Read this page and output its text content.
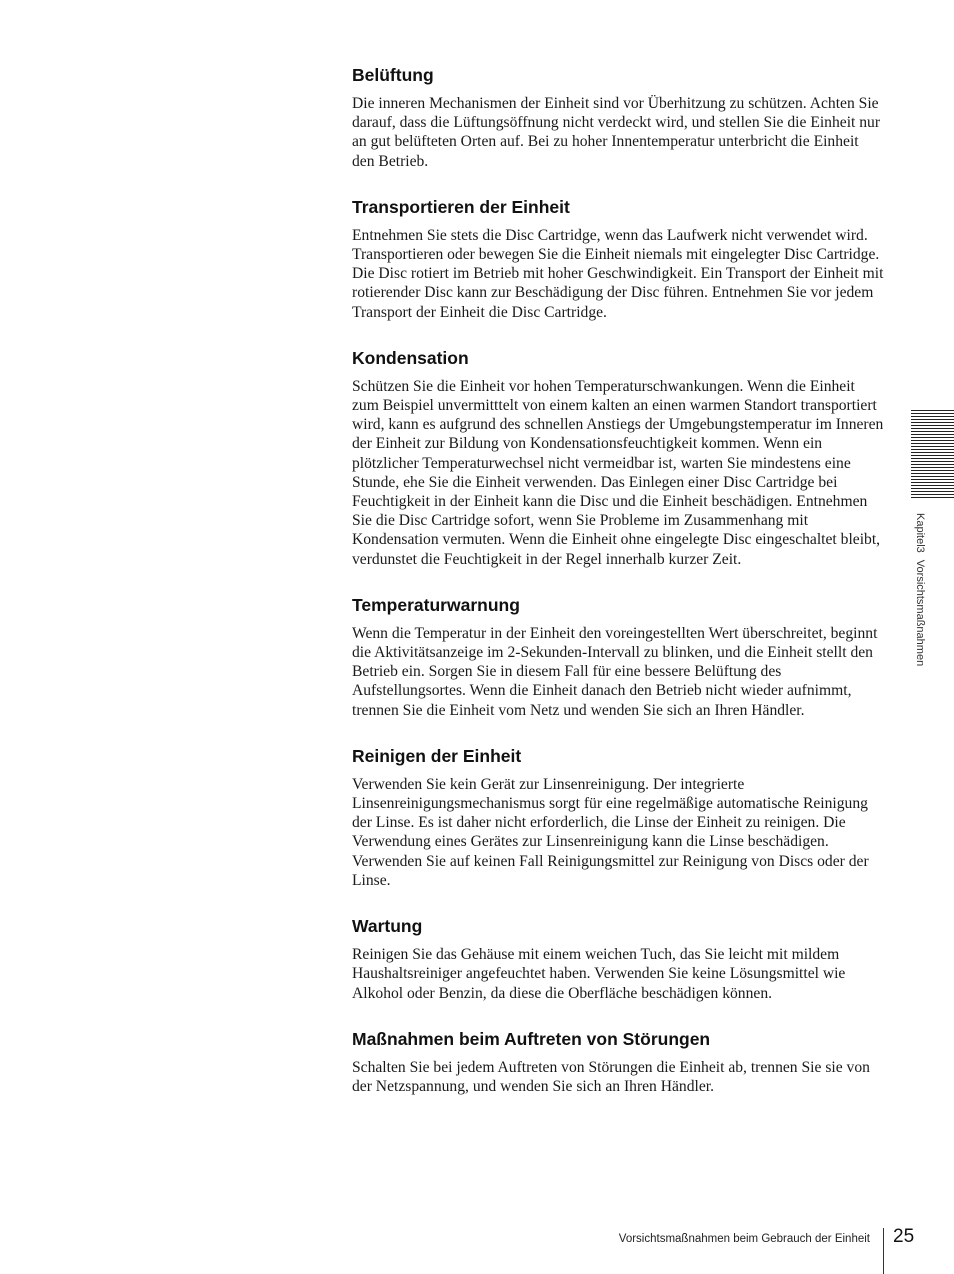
Belüftung

Die inneren Mechanismen der Einheit sind vor Überhitzung zu schützen. Achten Sie darauf, dass die Lüftungsöffnung nicht verdeckt wird, und stellen Sie die Einheit nur an gut belüfteten Orten auf. Bei zu hoher Innentemperatur unterbricht die Einheit den Betrieb.

Transportieren der Einheit

Entnehmen Sie stets die Disc Cartridge, wenn das Laufwerk nicht verwendet wird. Transportieren oder bewegen Sie die Einheit niemals mit eingelegter Disc Cartridge. Die Disc rotiert im Betrieb mit hoher Geschwindigkeit. Ein Transport der Einheit mit rotierender Disc kann zur Beschädigung der Disc führen. Entnehmen Sie vor jedem Transport der Einheit die Disc Cartridge.

Kondensation

Schützen Sie die Einheit vor hohen Temperaturschwankungen. Wenn die Einheit zum Beispiel unvermitttelt von einem kalten an einen warmen Standort transportiert wird, kann es aufgrund des schnellen Anstiegs der Umgebungstemperatur im Inneren der Einheit zur Bildung von Kondensationsfeuchtigkeit kommen. Wenn ein plötzlicher Temperaturwechsel nicht vermeidbar ist, warten Sie mindestens eine Stunde, ehe Sie die Einheit verwenden. Das Einlegen einer Disc Cartridge bei Feuchtigkeit in der Einheit kann die Disc und die Einheit beschädigen. Entnehmen Sie die Disc Cartridge sofort, wenn Sie Probleme im Zusammenhang mit Kondensation vermuten. Wenn die Einheit ohne eingelegte Disc eingeschaltet bleibt, verdunstet die Feuchtigkeit in der Regel innerhalb kurzer Zeit.

Temperaturwarnung

Wenn die Temperatur in der Einheit den voreingestellten Wert überschreitet, beginnt die Aktivitätsanzeige im 2-Sekunden-Intervall zu blinken, und die Einheit stellt den Betrieb ein. Sorgen Sie in diesem Fall für eine bessere Belüftung des Aufstellungsortes. Wenn die Einheit danach den Betrieb nicht wieder aufnimmt, trennen Sie die Einheit vom Netz und wenden Sie sich an Ihren Händler.

Reinigen der Einheit

Verwenden Sie kein Gerät zur Linsenreinigung. Der integrierte Linsenreinigungsmechanismus sorgt für eine regelmäßige automatische Reinigung der Linse. Es ist daher nicht erforderlich, die Linse der Einheit zu reinigen. Die Verwendung eines Gerätes zur Linsenreinigung kann die Linse beschädigen. Verwenden Sie auf keinen Fall Reinigungsmittel zur Reinigung von Discs oder der Linse.

Wartung

Reinigen Sie das Gehäuse mit einem weichen Tuch, das Sie leicht mit mildem Haushaltsreiniger angefeuchtet haben. Verwenden Sie keine Lösungsmittel wie Alkohol oder Benzin, da diese die Oberfläche beschädigen können.

Maßnahmen beim Auftreten von Störungen

Schalten Sie bei jedem Auftreten von Störungen die Einheit ab, trennen Sie sie von der Netzspannung, und wenden Sie sich an Ihren Händler.

Kapitel3 Vorsichtsmaßnahmen
Vorsichtsmaßnahmen beim Gebrauch der Einheit 25
